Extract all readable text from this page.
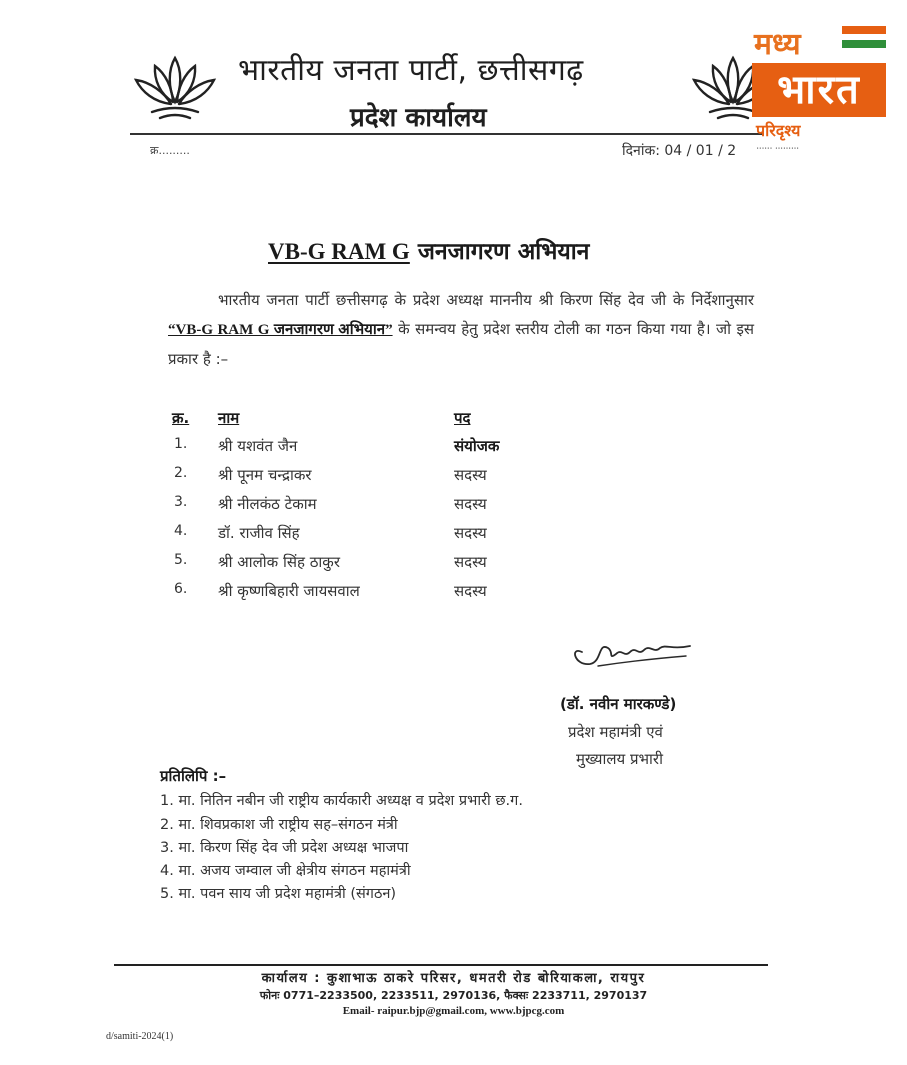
भारतीय जनता पार्टी, छत्तीसगढ़
प्रदेश कार्यालय
क्र.........	दिनांक: 04 / 01 / 2
मध्य
भारत
परिदृश्य
ॱॱॱॱॱॱ ॱॱॱॱॱॱॱॱॱ
VB-G RAM G जनजागरण अभियान
भारतीय जनता पार्टी छत्तीसगढ़ के प्रदेश अध्यक्ष माननीय श्री किरण सिंह देव जी के निर्देशानुसार “VB-G RAM G जनजागरण अभियान” के समन्वय हेतु प्रदेश स्तरीय टोली का गठन किया गया है। जो इस प्रकार है :–
क्र. नाम	पद
1. श्री यशवंत जैन	संयोजक
2. श्री पूनम चन्द्राकर	सदस्य
3. श्री नीलकंठ टेकाम	सदस्य
4. डॉ. राजीव सिंह	सदस्य
5. श्री आलोक सिंह ठाकुर	सदस्य
6. श्री कृष्णबिहारी जायसवाल	सदस्य
(डॉ. नवीन मारकण्डे)
प्रदेश महामंत्री एवं
मुख्यालय प्रभारी
प्रतिलिपि :–
1. मा. नितिन नबीन जी राष्ट्रीय कार्यकारी अध्यक्ष व प्रदेश प्रभारी छ.ग.
2. मा. शिवप्रकाश जी राष्ट्रीय सह–संगठन मंत्री
3. मा. किरण सिंह देव जी प्रदेश अध्यक्ष भाजपा
4. मा. अजय जम्वाल जी क्षेत्रीय संगठन महामंत्री
5. मा. पवन साय जी प्रदेश महामंत्री (संगठन)
कार्यालय : कुशाभाऊ ठाकरे परिसर, धमतरी रोड बोरियाकला, रायपुर
फोनः 0771–2233500, 2233511, 2970136, फैक्सः 2233711, 2970137
Email- raipur.bjp@gmail.com, www.bjpcg.com
d/samiti-2024(1)
